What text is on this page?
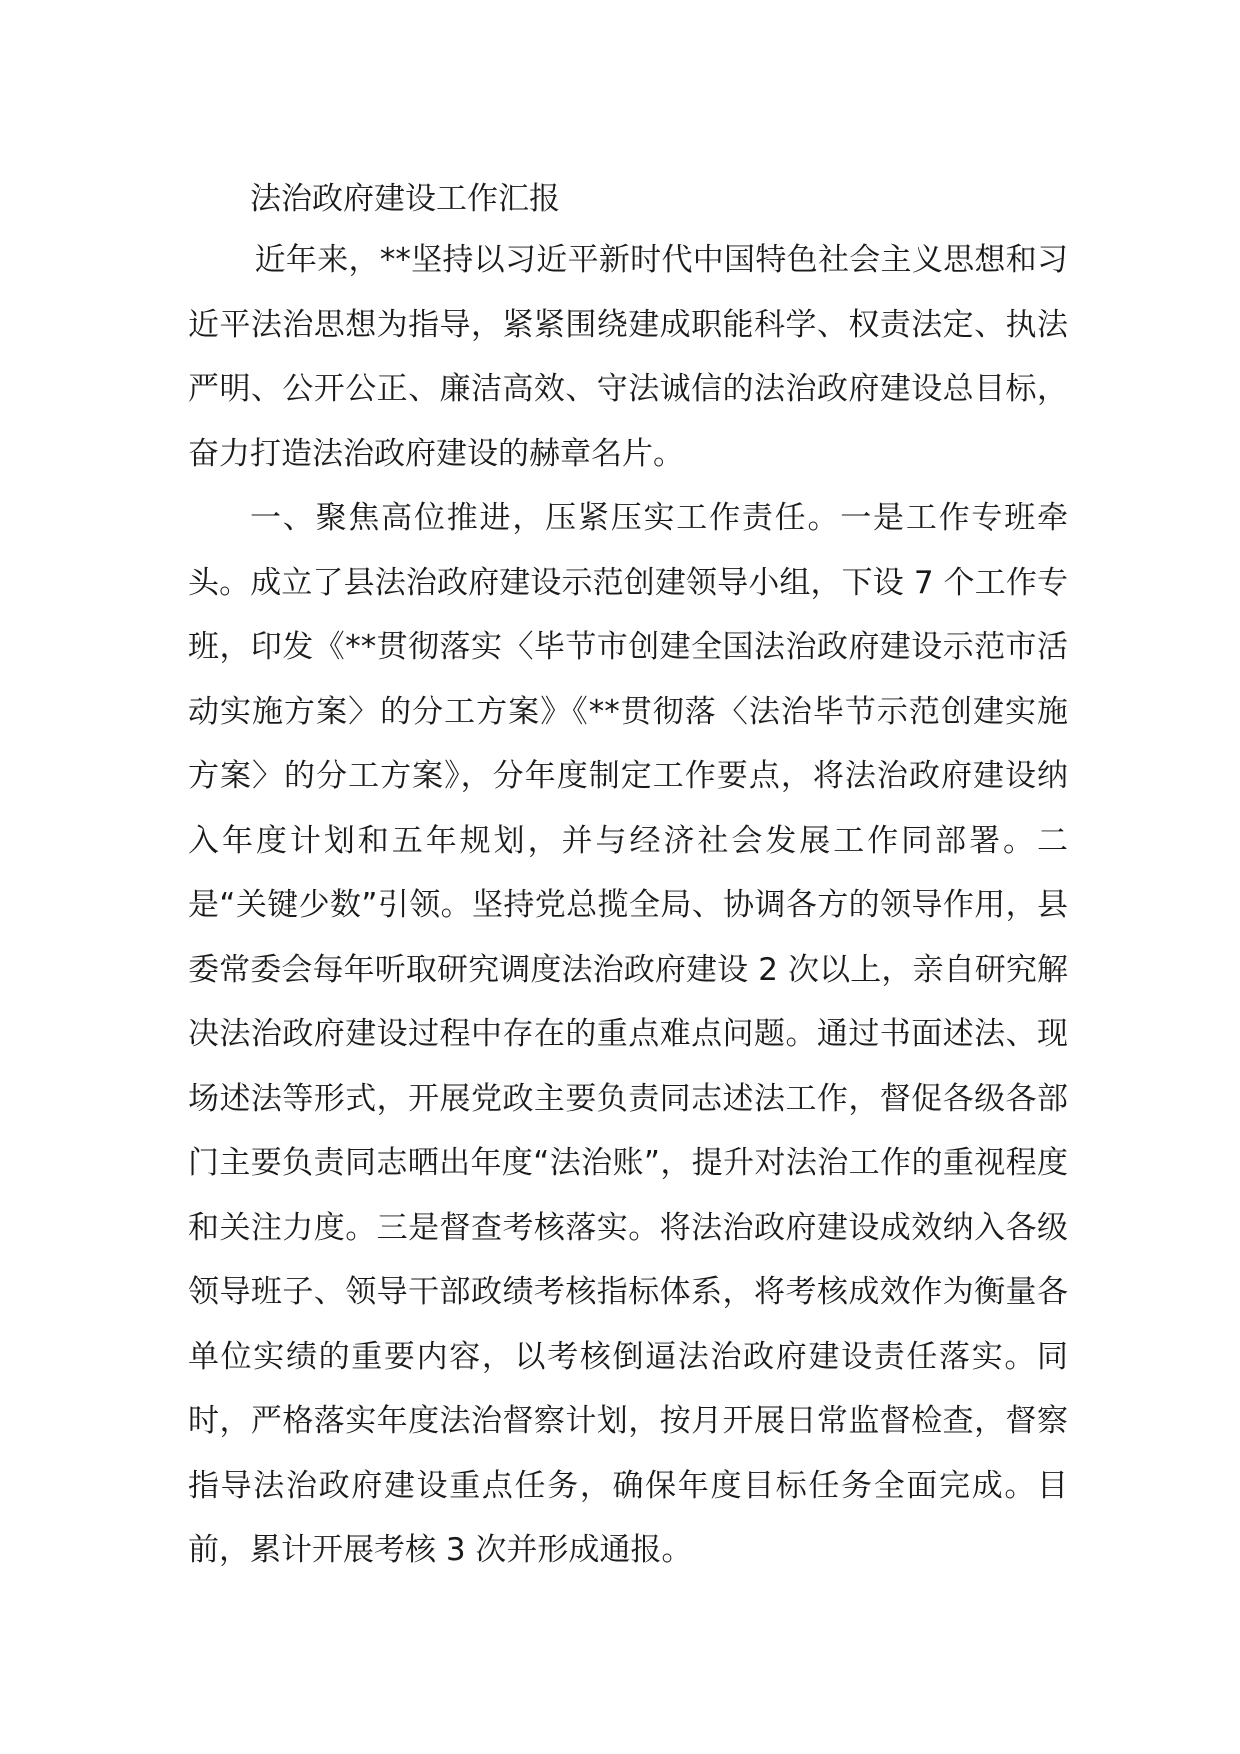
法治政府建设工作汇报

近年来，**坚持以习近平新时代中国特色社会主义思想和习近平法治思想为指导，紧紧围绕建成职能科学、权责法定、执法严明、公开公正、廉洁高效、守法诚信的法治政府建设总目标，奋力打造法治政府建设的赫章名片。

一、聚焦高位推进，压紧压实工作责任。一是工作专班牵头。成立了县法治政府建设示范创建领导小组，下设 7 个工作专班，印发《**贯彻落实〈毕节市创建全国法治政府建设示范市活动实施方案〉的分工方案》《**贯彻落〈法治毕节示范创建实施方案〉的分工方案》，分年度制定工作要点，将法治政府建设纳入年度计划和五年规划，并与经济社会发展工作同部署。二是“关键少数”引领。坚持党总揽全局、协调各方的领导作用，县委常委会每年听取研究调度法治政府建设 2 次以上，亲自研究解决法治政府建设过程中存在的重点难点问题。通过书面述法、现场述法等形式，开展党政主要负责同志述法工作，督促各级各部门主要负责同志晒出年度“法治账”，提升对法治工作的重视程度和关注力度。三是督查考核落实。将法治政府建设成效纳入各级领导班子、领导干部政绩考核指标体系，将考核成效作为衡量各单位实绩的重要内容，以考核倒逼法治政府建设责任落实。同时，严格落实年度法治督察计划，按月开展日常监督检查，督察指导法治政府建设重点任务，确保年度目标任务全面完成。目前，累计开展考核 3 次并形成通报。
